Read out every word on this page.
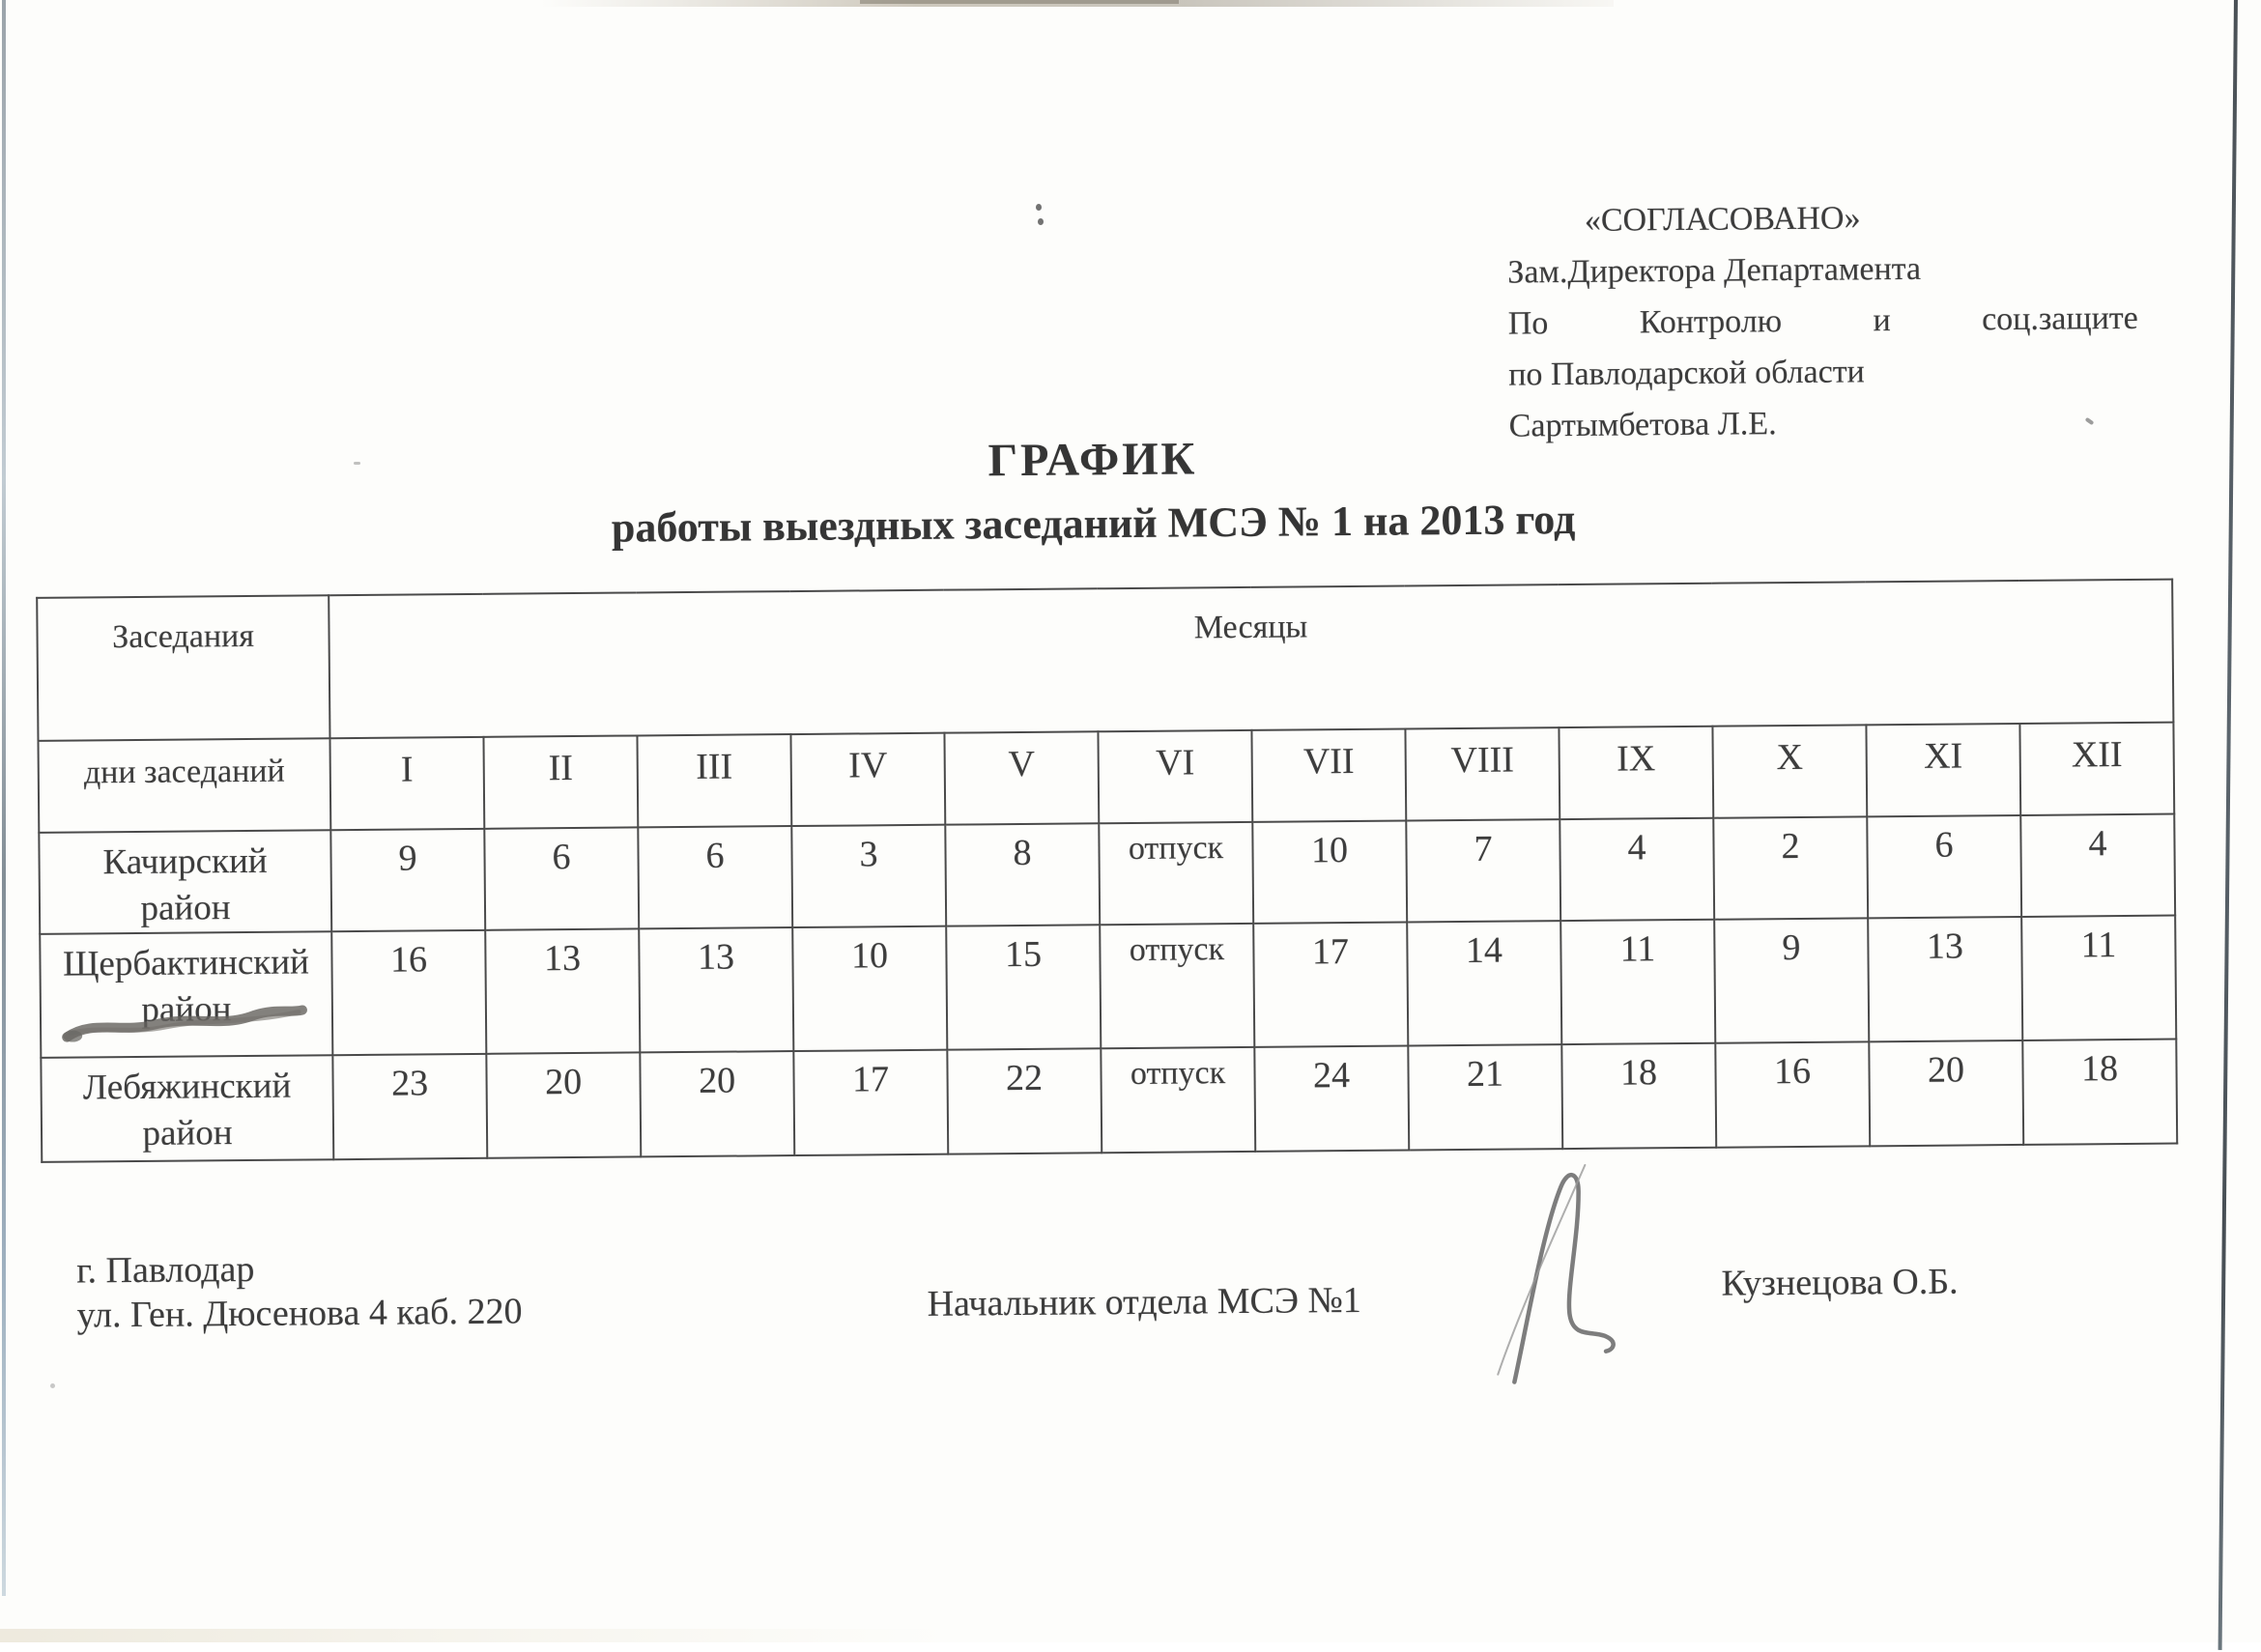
«СОГЛАСОВАНО»
Зам.Директора Департамента
По	Контролю	и	соц.защите
по Павлодарской области
Сартымбетова Л.Е.
ГРАФИК
работы выездных заседаний МСЭ № 1 на 2013 год
Заседания	Месяцы											
дни заседаний	I	II	III	IV	V	VI	VII	VIII	IX	X	XI	XII

Качирский
район	9	6	6	3	8	отпуск	10	7	4	2	6	4

Щербактинский
район	16	13	13	10	15	отпуск	17	14	11	9	13	11

Лебяжинский
район	23	20	20	17	22	отпуск	24	21	18	16	20	18
г. Павлодар
ул. Ген. Дюсенова 4 каб. 220	Начальник отдела МСЭ №1	Кузнецова О.Б.
